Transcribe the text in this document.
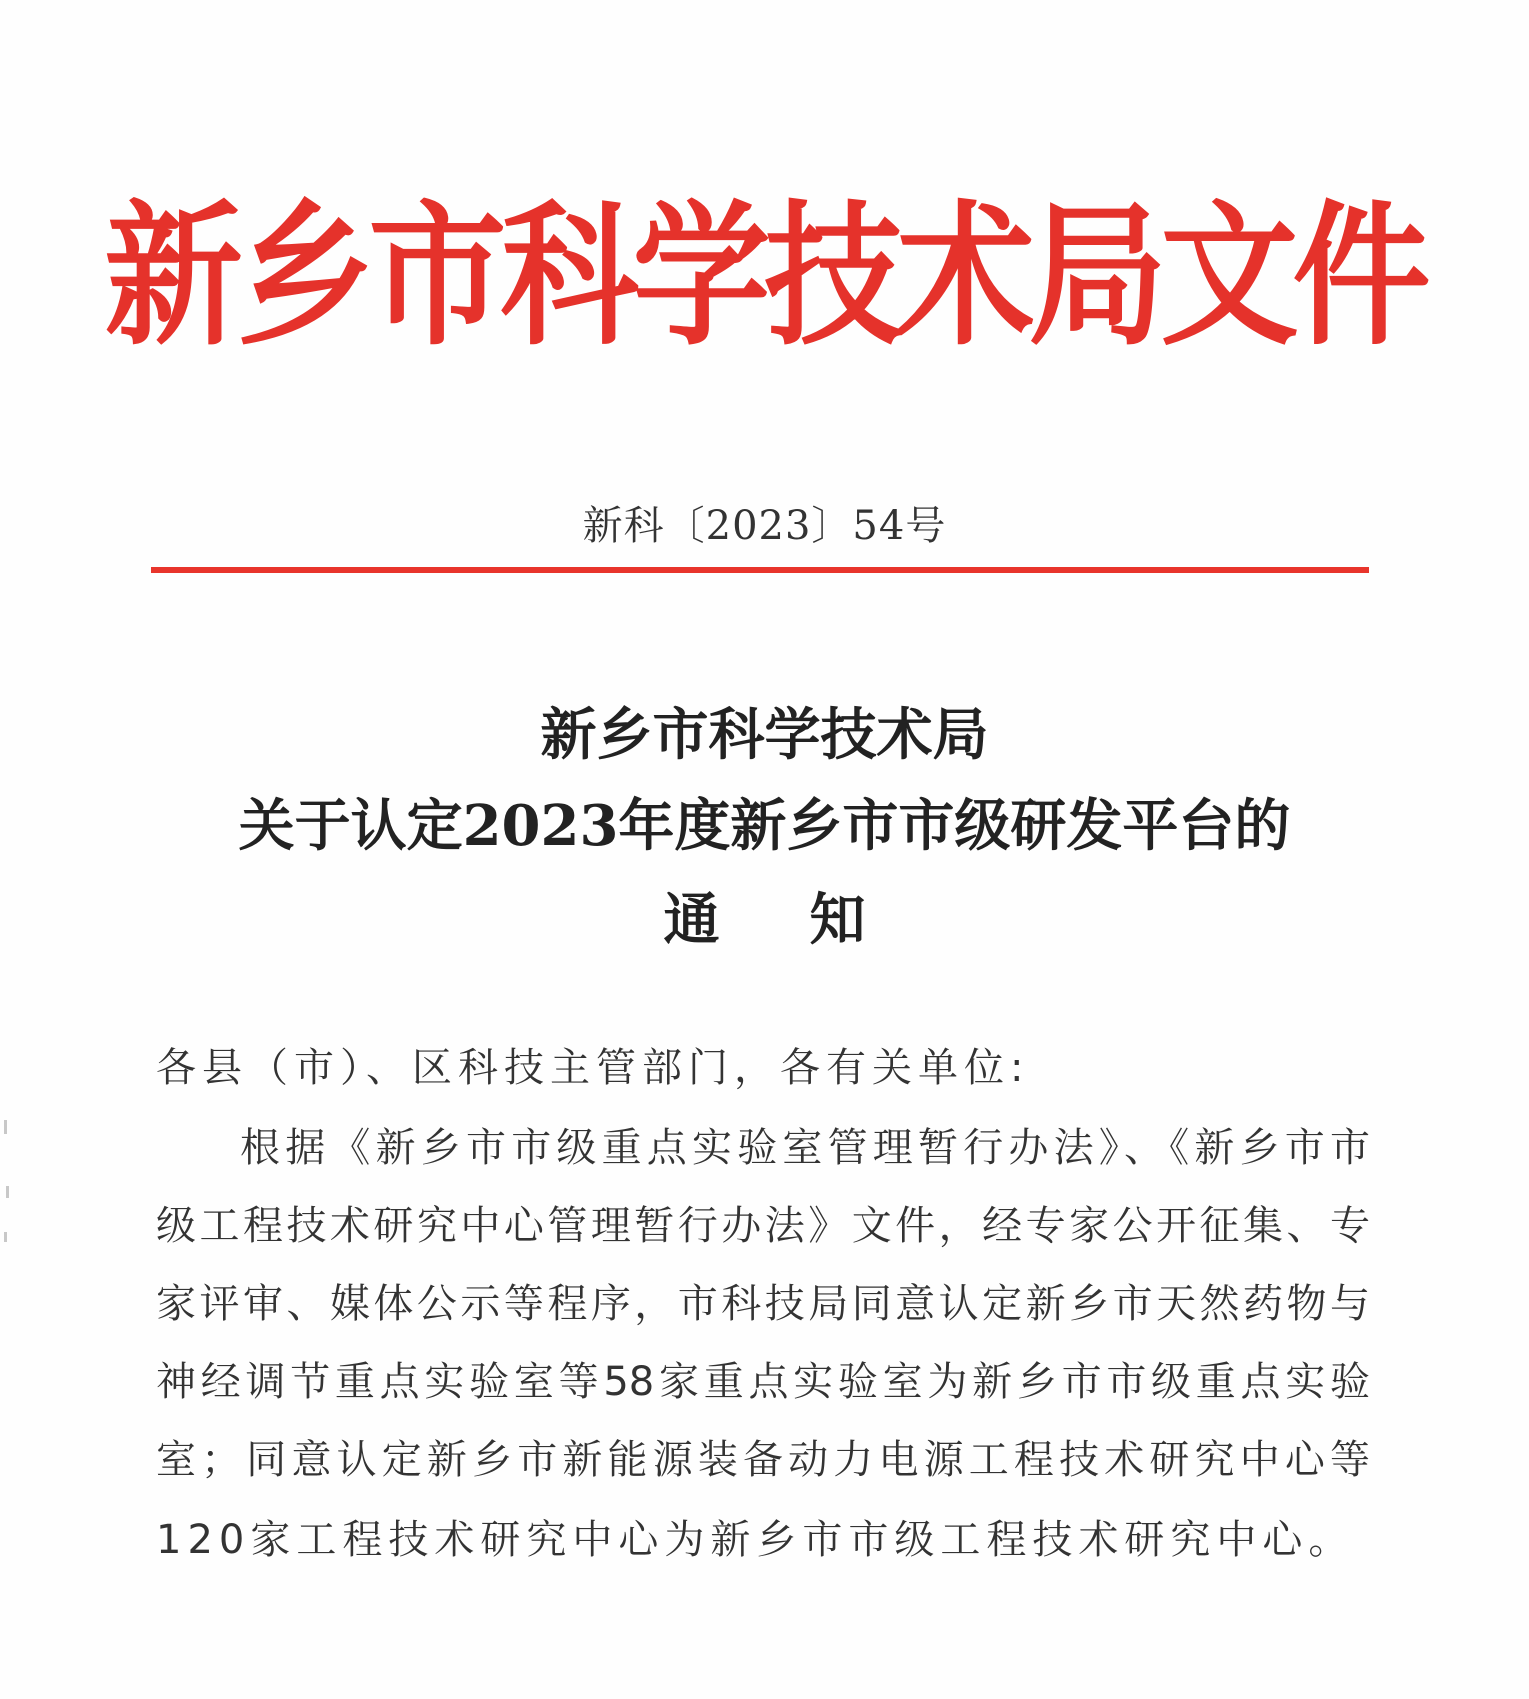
新乡市科学技术局文件
新科〔2023〕54号
新乡市科学技术局
关于认定2023年度新乡市市级研发平台的
通知
各县（市）、区科技主管部门，各有关单位:
根据《新乡市市级重点实验室管理暂行办法》、《新乡市市
级工程技术研究中心管理暂行办法》文件，经专家公开征集、专
家评审、媒体公示等程序，市科技局同意认定新乡市天然药物与
神经调节重点实验室等58家重点实验室为新乡市市级重点实验
室；同意认定新乡市新能源装备动力电源工程技术研究中心等
120家工程技术研究中心为新乡市市级工程技术研究中心。
